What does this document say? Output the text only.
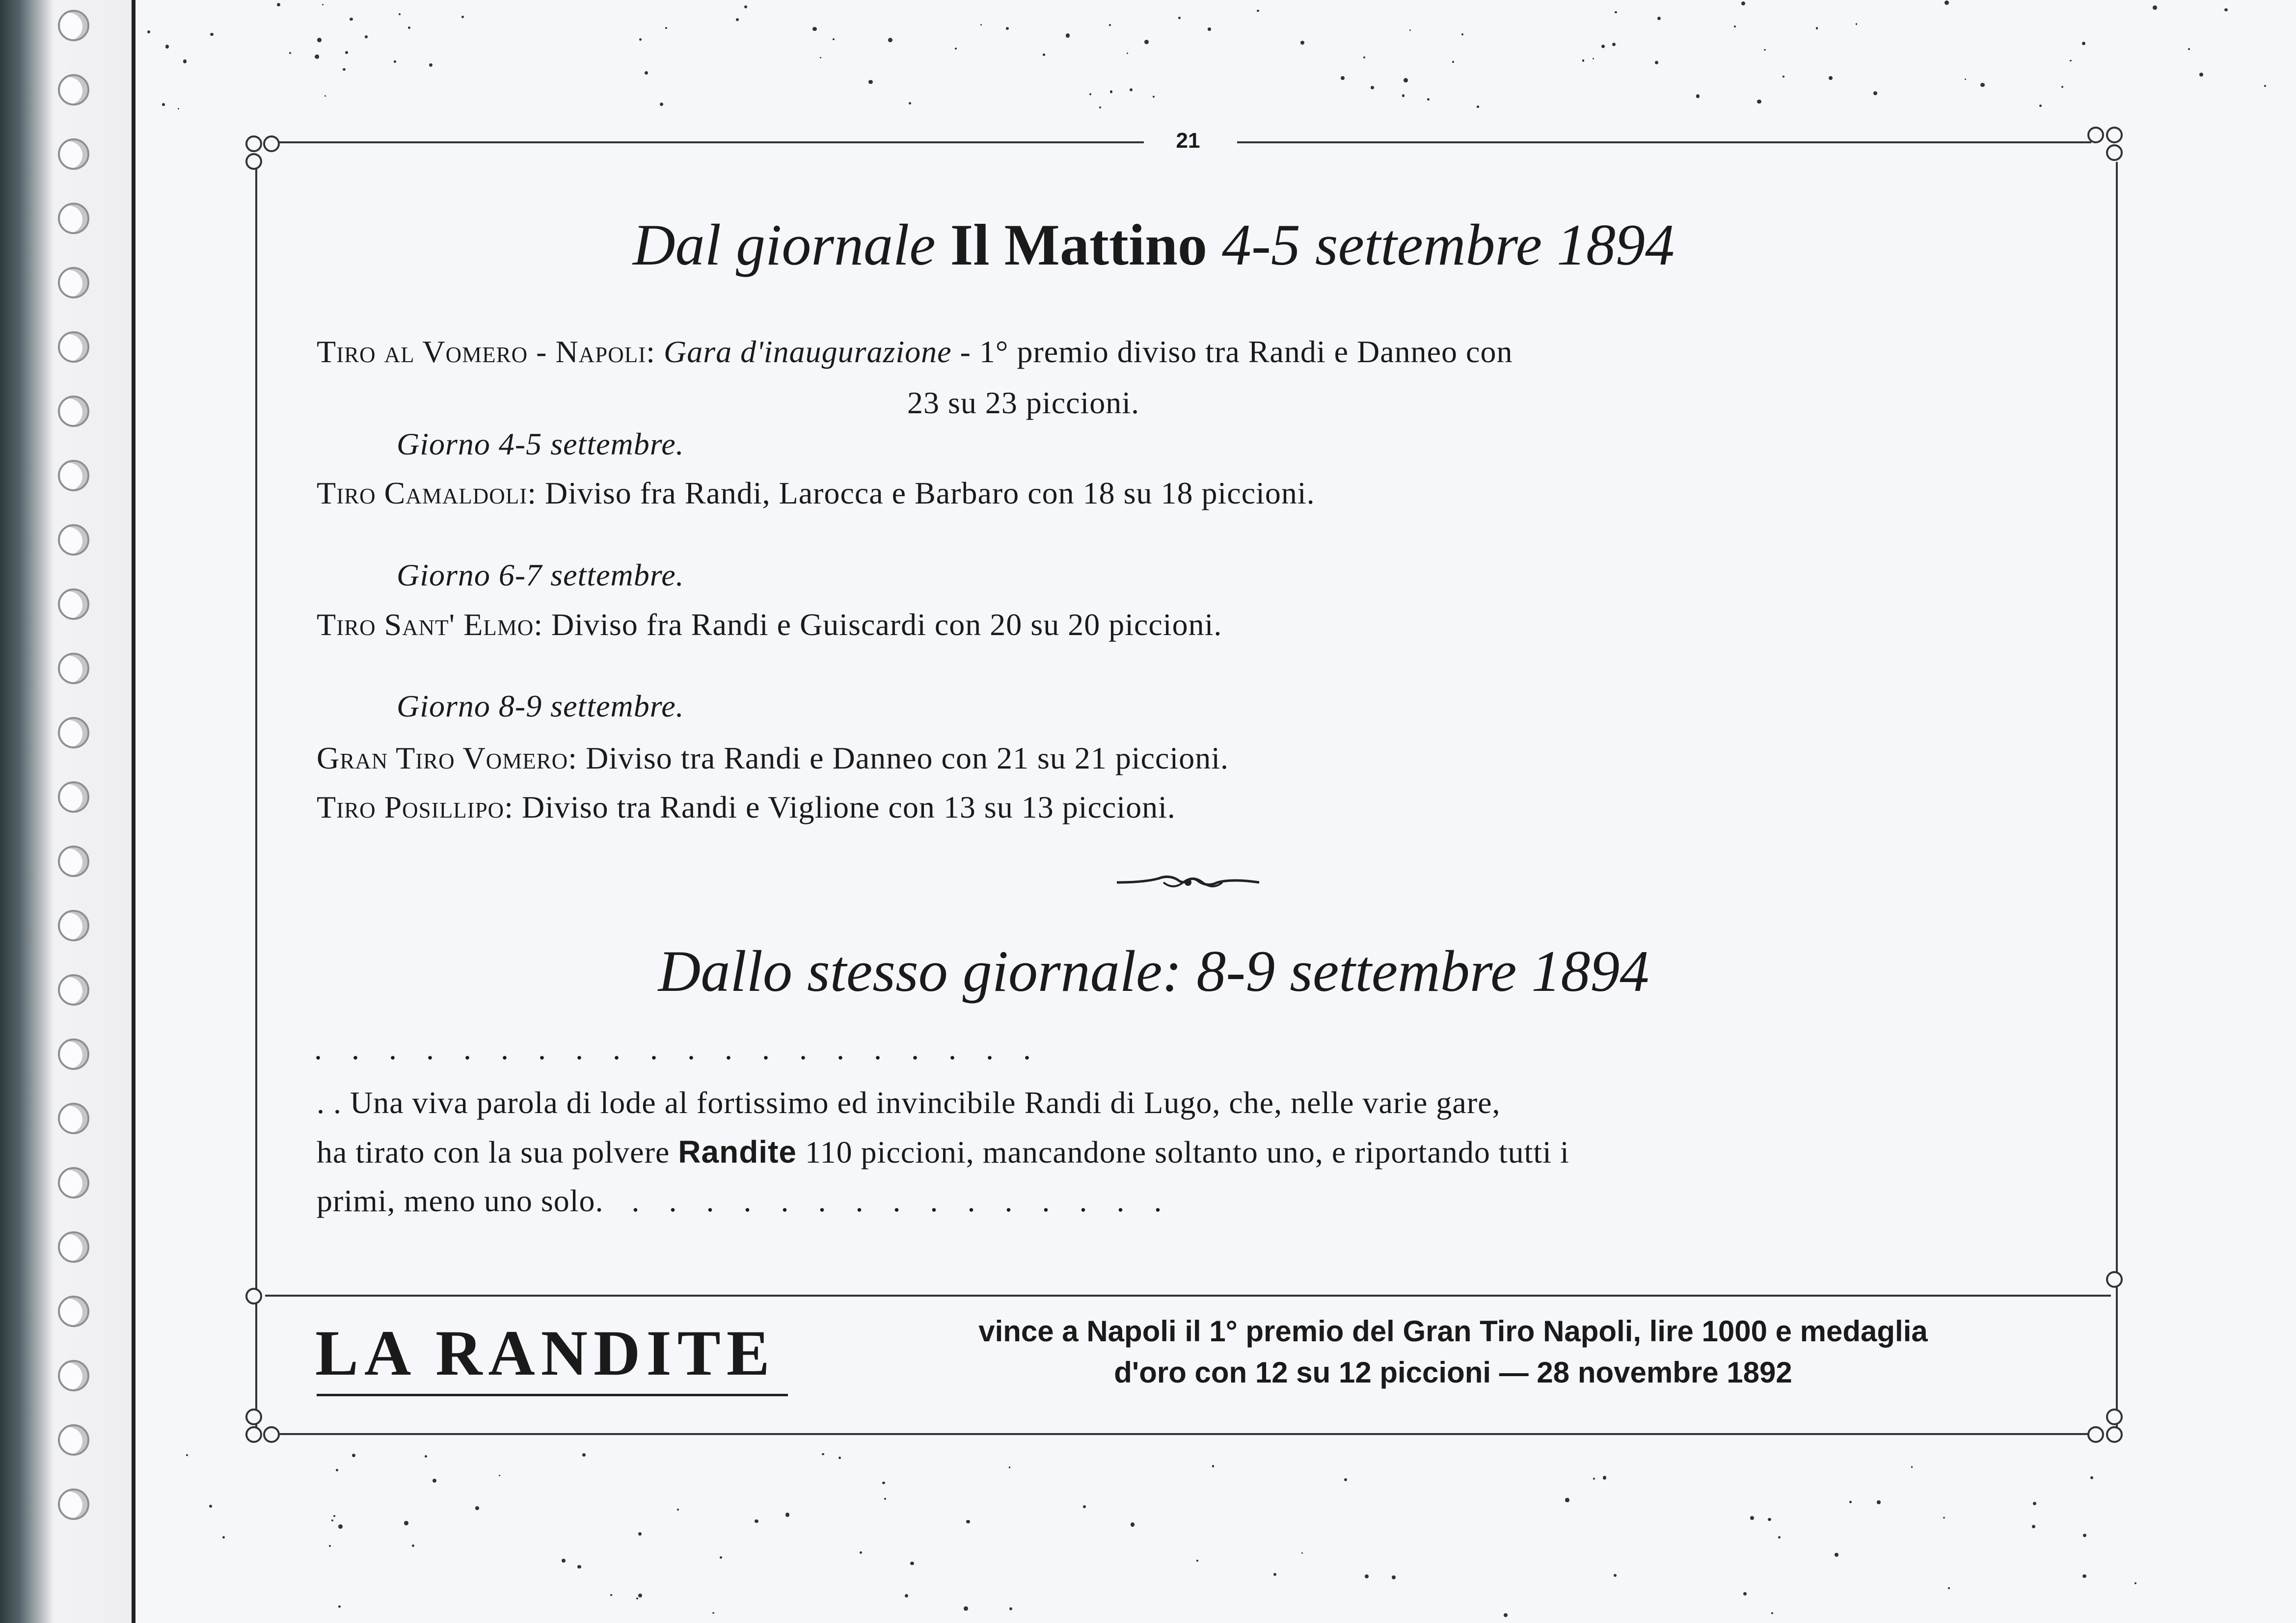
21
Dal giornale Il Mattino 4-5 settembre 1894
Tiro al Vomero - Napoli: Gara d'inaugurazione - 1° premio diviso tra Randi e Danneo con
23 su 23 piccioni.
Giorno 4-5 settembre.
Tiro Camaldoli: Diviso fra Randi, Larocca e Barbaro con 18 su 18 piccioni.
Giorno 6-7 settembre.
Tiro Sant' Elmo: Diviso fra Randi e Guiscardi con 20 su 20 piccioni.
Giorno 8-9 settembre.
Gran Tiro Vomero: Diviso tra Randi e Danneo con 21 su 21 piccioni.
Tiro Posillipo: Diviso tra Randi e Viglione con 13 su 13 piccioni.
Dallo stesso giornale: 8-9 settembre 1894
....................
. . Una viva parola di lode al fortissimo ed invincibile Randi di Lugo, che, nelle varie gare,
ha tirato con la sua polvere Randite 110 piccioni, mancandone soltanto uno, e riportando tutti i
primi, meno uno solo. ...............
LA RANDITE	vince a Napoli il 1° premio del Gran Tiro Napoli, lire 1000 e medaglia
d'oro con 12 su 12 piccioni — 28 novembre 1892
